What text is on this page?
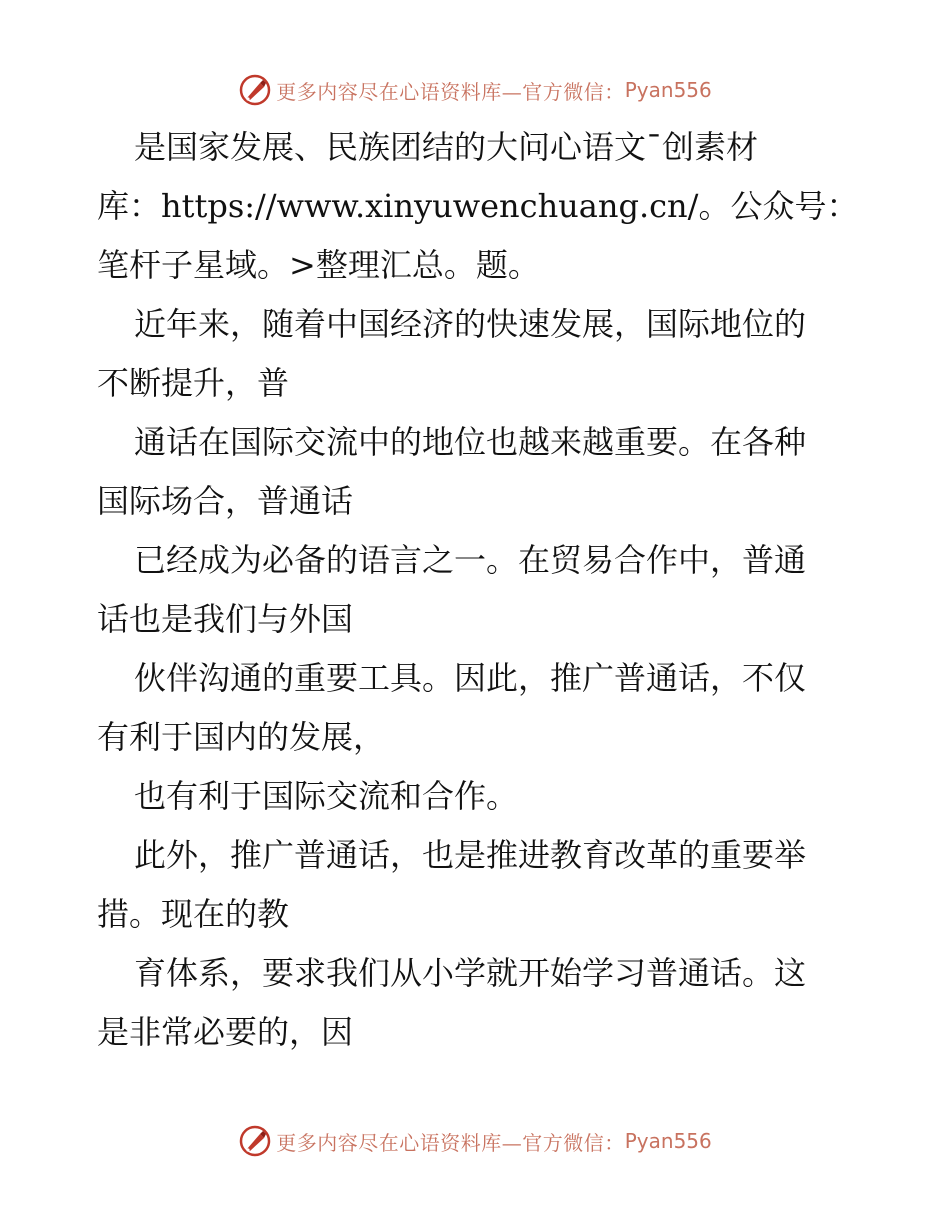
更多内容尽在心语资料库—官方微信： Pyan556
是国家发展、民族团结的大问心语文¯创素材
库：https://www.xinyuwenchuang.cn/。公众号：
笔杆子星域。>整理汇总。题。
近年来，随着中国经济的快速发展，国际地位的
不断提升，普
通话在国际交流中的地位也越来越重要。在各种
国际场合，普通话
已经成为必备的语言之一。在贸易合作中，普通
话也是我们与外国
伙伴沟通的重要工具。因此，推广普通话，不仅
有利于国内的发展，
也有利于国际交流和合作。
此外，推广普通话，也是推进教育改革的重要举
措。现在的教
育体系，要求我们从小学就开始学习普通话。这
是非常必要的，因
更多内容尽在心语资料库—官方微信： Pyan556
